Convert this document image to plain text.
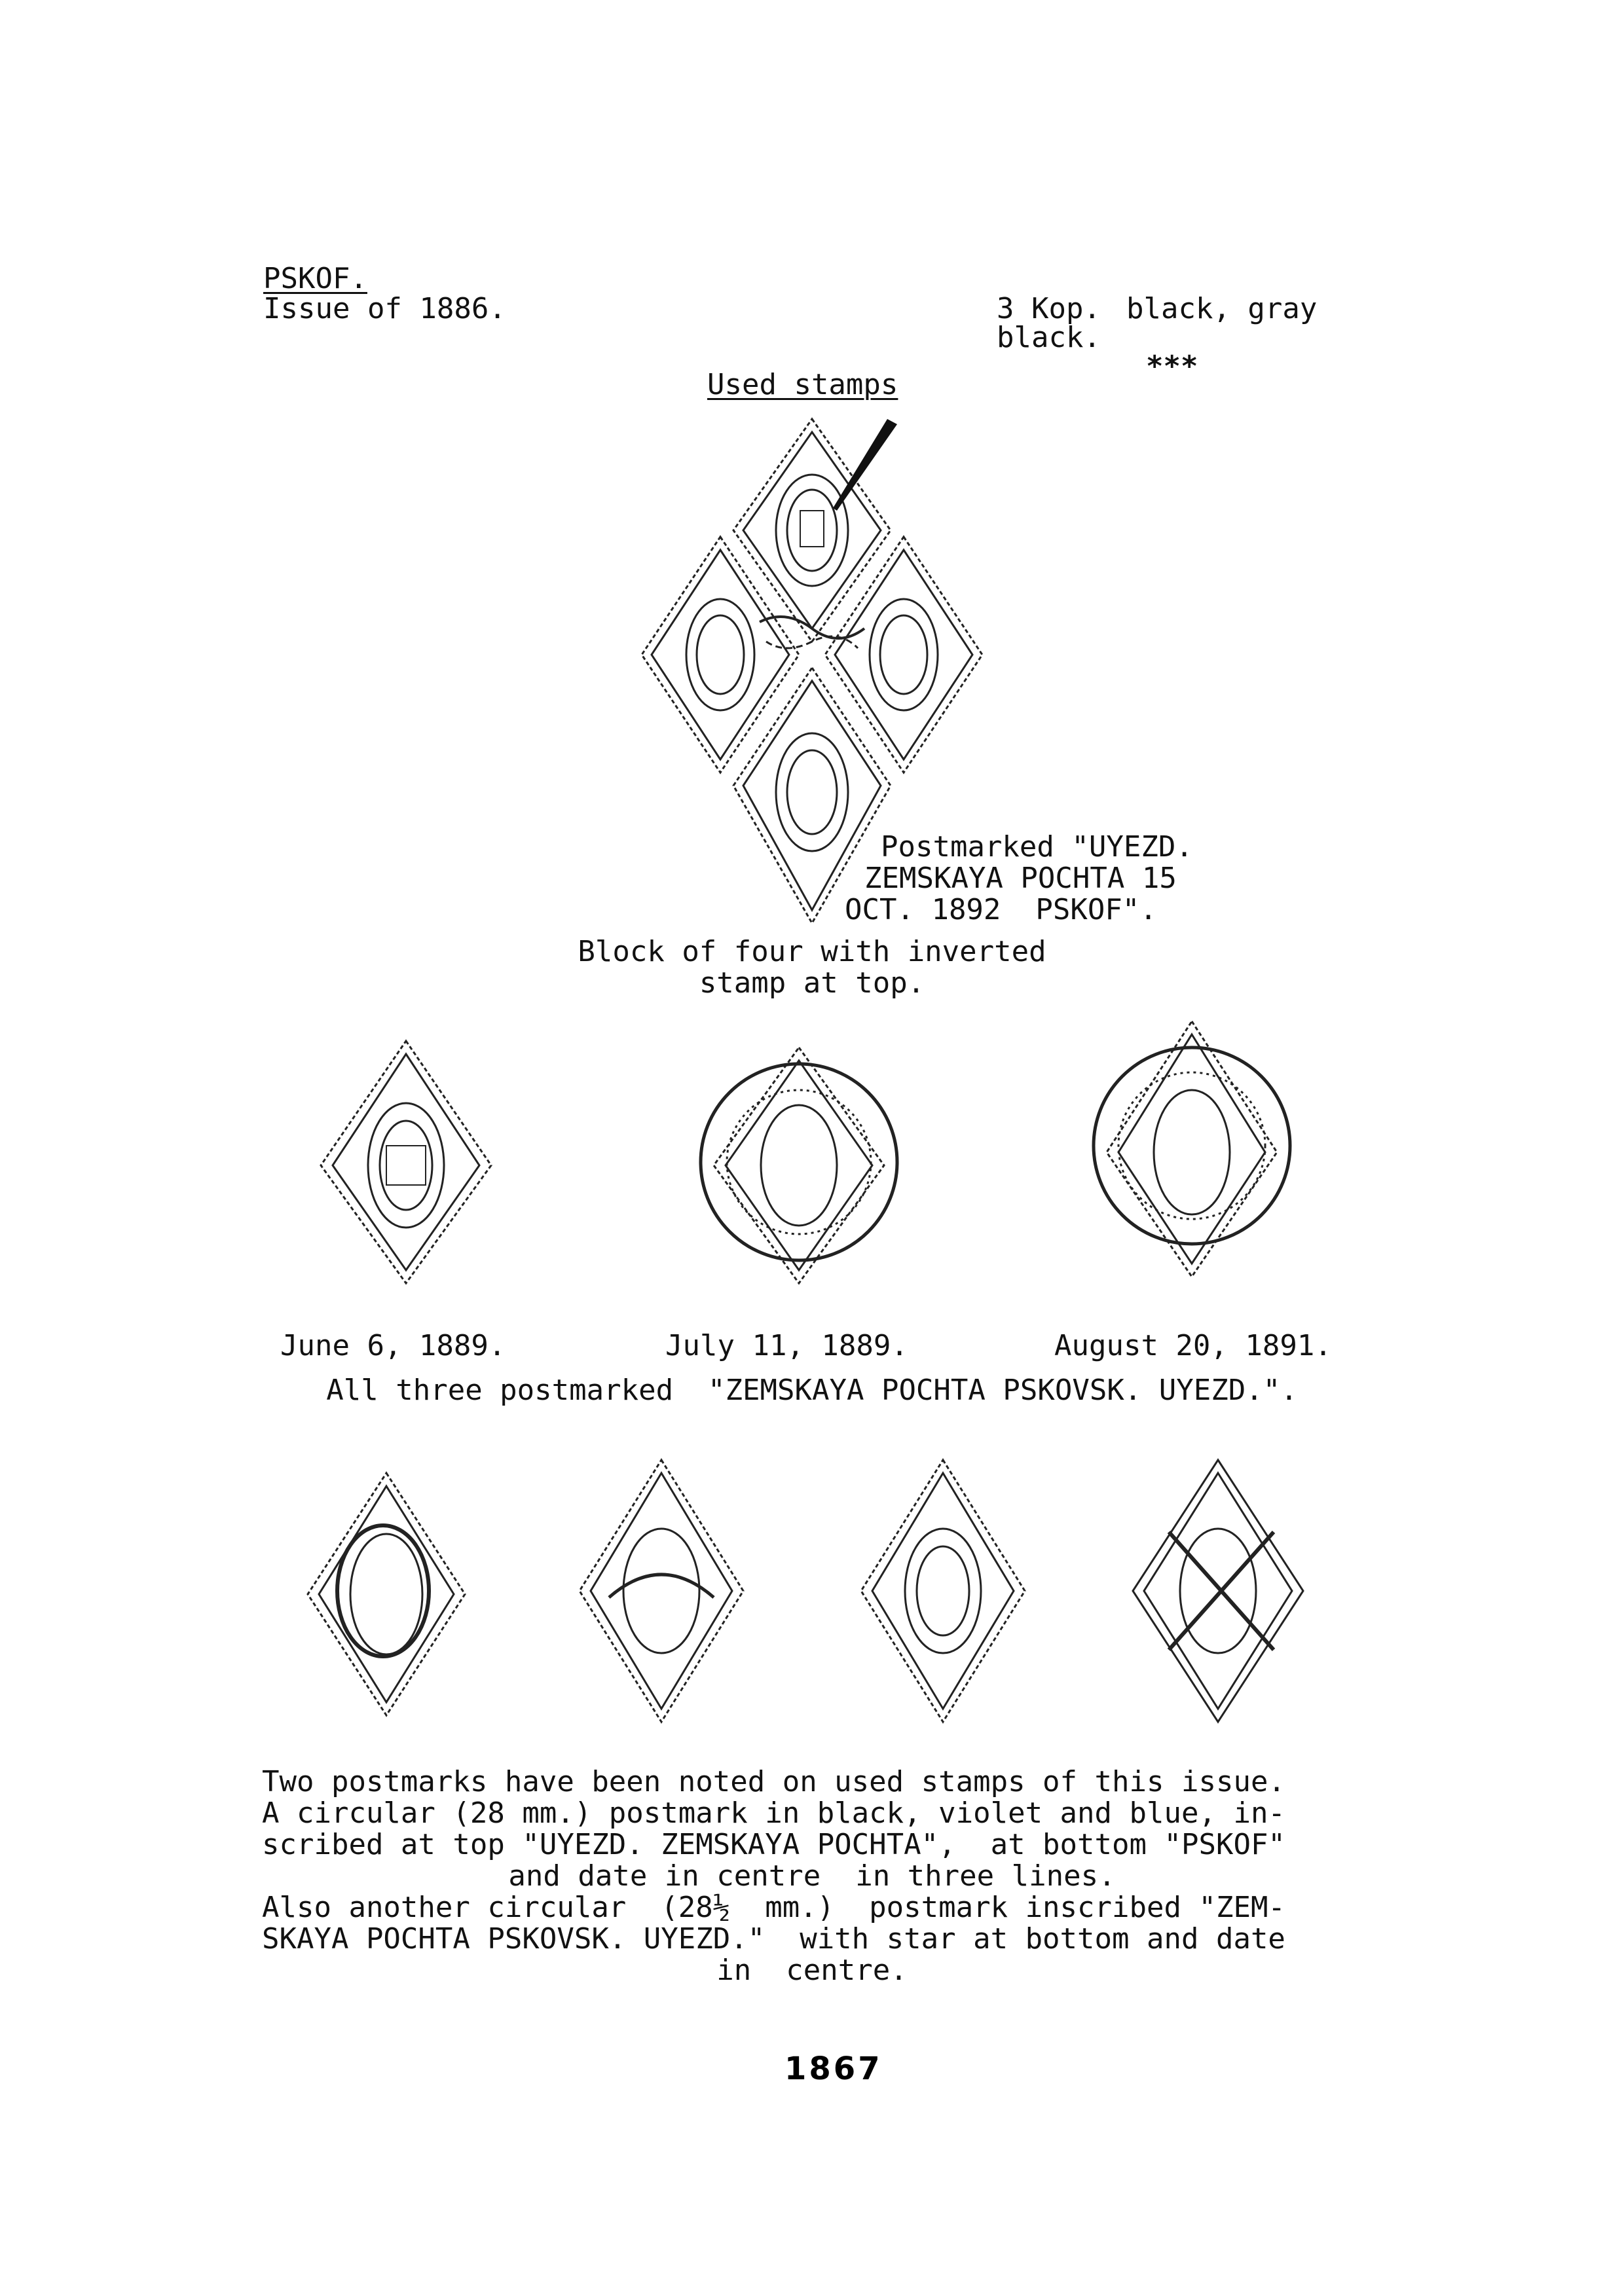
PSKOF.
Issue of 1886.	3 Kop. black, gray
black.
***
Used stamps
Postmarked "UYEZD.
ZEMSKAYA POCHTA 15
OCT. 1892  PSKOF".
Block of four with inverted
stamp at top.
June 6, 1889.	July 11, 1889.	August 20, 1891.
All three postmarked  "ZEMSKAYA POCHTA PSKOVSK. UYEZD.".
Two postmarks have been noted on used stamps of this issue.
A circular (28 mm.) postmark in black, violet and blue, in-
scribed at top "UYEZD. ZEMSKAYA POCHTA",  at bottom "PSKOF"
and date in centre  in three lines.
Also another circular  (28½  mm.)  postmark inscribed "ZEM-
SKAYA POCHTA PSKOVSK. UYEZD."  with star at bottom and date
in  centre.
1867
